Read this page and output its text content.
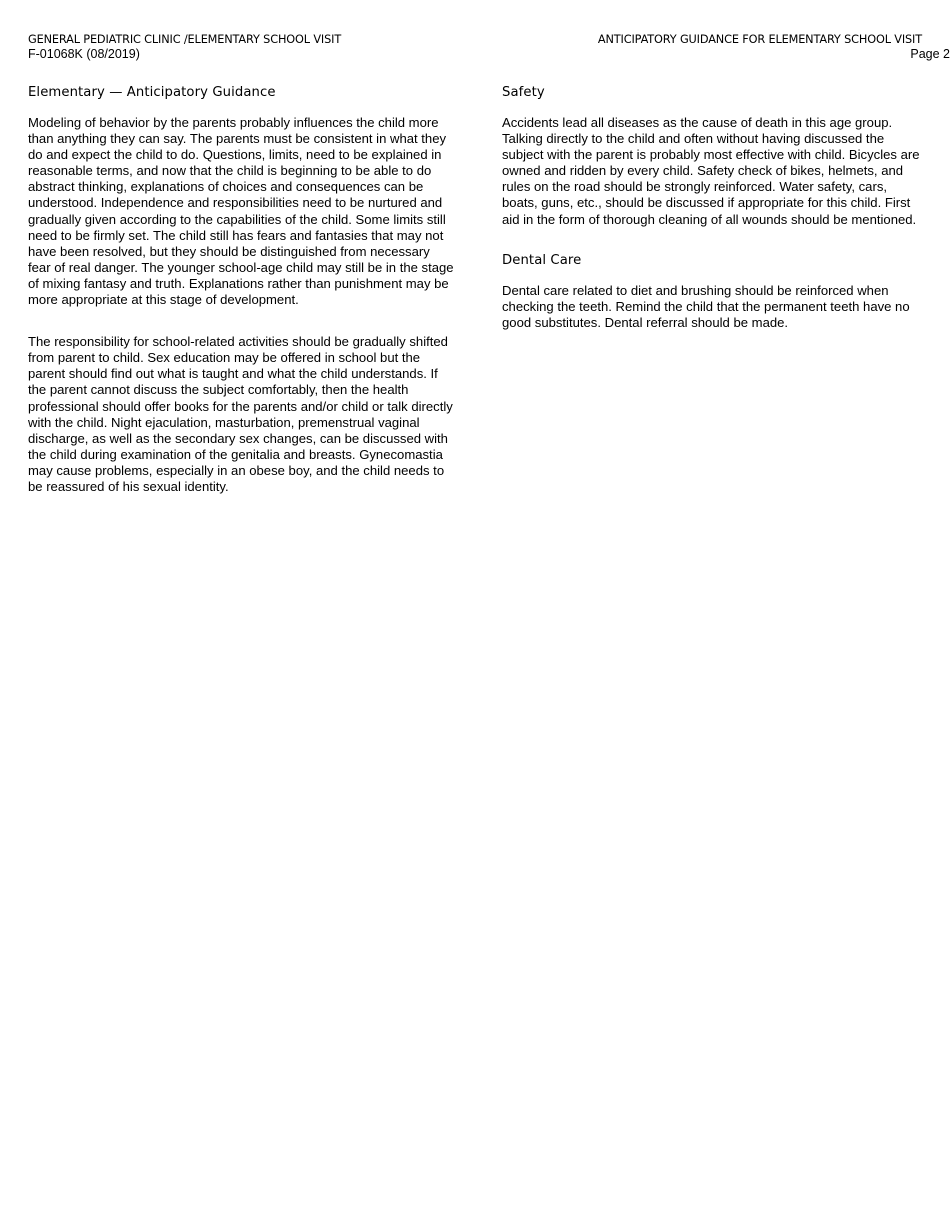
GENERAL PEDIATRIC CLINIC /ELEMENTARY SCHOOL VISIT
F-01068K (08/2019)
ANTICIPATORY GUIDANCE FOR ELEMENTARY SCHOOL VISIT
Page 2
Elementary — Anticipatory Guidance

Modeling of behavior by the parents probably influences the child more than anything they can say. The parents must be consistent in what they do and expect the child to do. Questions, limits, need to be explained in reasonable terms, and now that the child is beginning to be able to do abstract thinking, explanations of choices and consequences can be understood. Independence and responsibilities need to be nurtured and gradually given according to the capabilities of the child. Some limits still need to be firmly set. The child still has fears and fantasies that may not have been resolved, but they should be distinguished from necessary fear of real danger. The younger school-age child may still be in the stage of mixing fantasy and truth. Explanations rather than punishment may be more appropriate at this stage of development.

The responsibility for school-related activities should be gradually shifted from parent to child. Sex education may be offered in school but the parent should find out what is taught and what the child understands. If the parent cannot discuss the subject comfortably, then the health professional should offer books for the parents and/or child or talk directly with the child. Night ejaculation, masturbation, premenstrual vaginal discharge, as well as the secondary sex changes, can be discussed with the child during examination of the genitalia and breasts. Gynecomastia may cause problems, especially in an obese boy, and the child needs to be reassured of his sexual identity.

Safety

Accidents lead all diseases as the cause of death in this age group. Talking directly to the child and often without having discussed the subject with the parent is probably most effective with child. Bicycles are owned and ridden by every child. Safety check of bikes, helmets, and rules on the road should be strongly reinforced. Water safety, cars, boats, guns, etc., should be discussed if appropriate for this child. First aid in the form of thorough cleaning of all wounds should be mentioned.

Dental Care

Dental care related to diet and brushing should be reinforced when checking the teeth. Remind the child that the permanent teeth have no good substitutes. Dental referral should be made.
